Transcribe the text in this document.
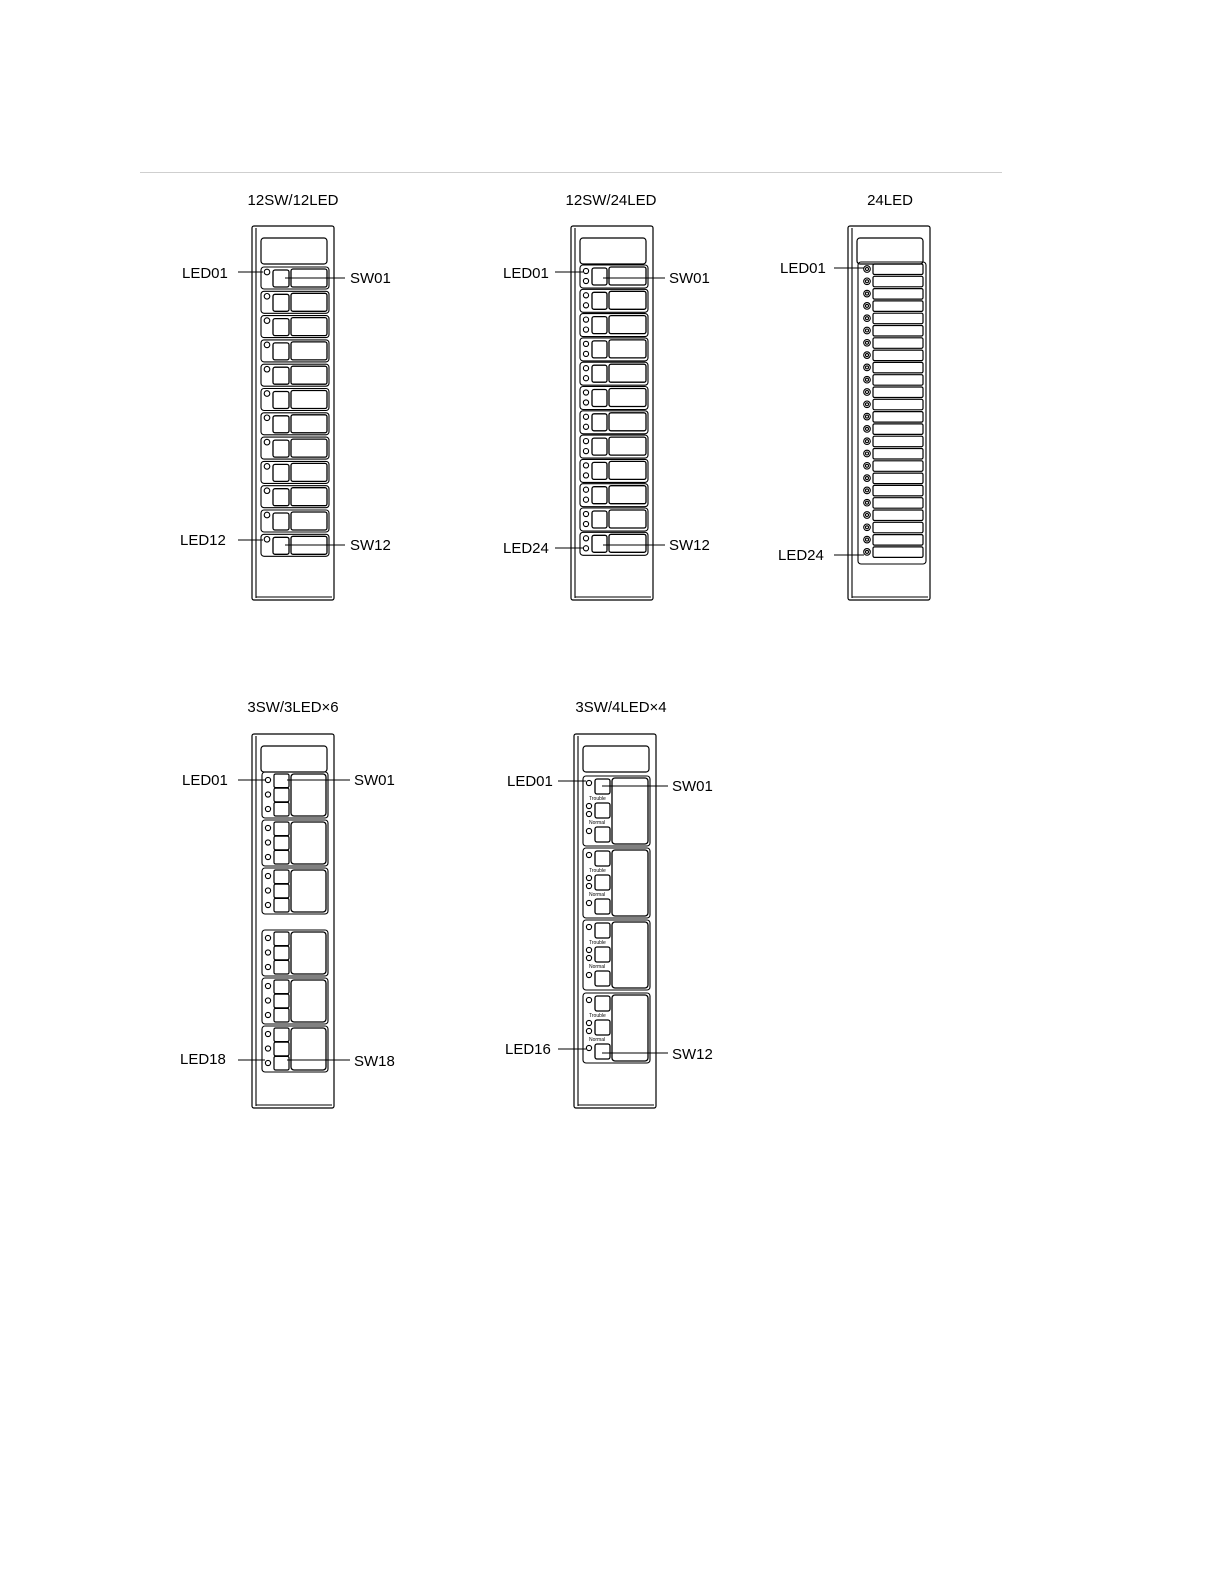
12SW/12LED	12SW/24LED	24LED
3SW/3LED×6	3SW/4LED×4
LED01	SW01
LED12	SW12
LED01	SW01
LED24	SW12
LED01
LED24
LED01	SW01
LED18	SW18
LED01	SW01
LED16	SW12
Trouble
Normal
Trouble
Normal
Trouble
Normal
Trouble
Normal
